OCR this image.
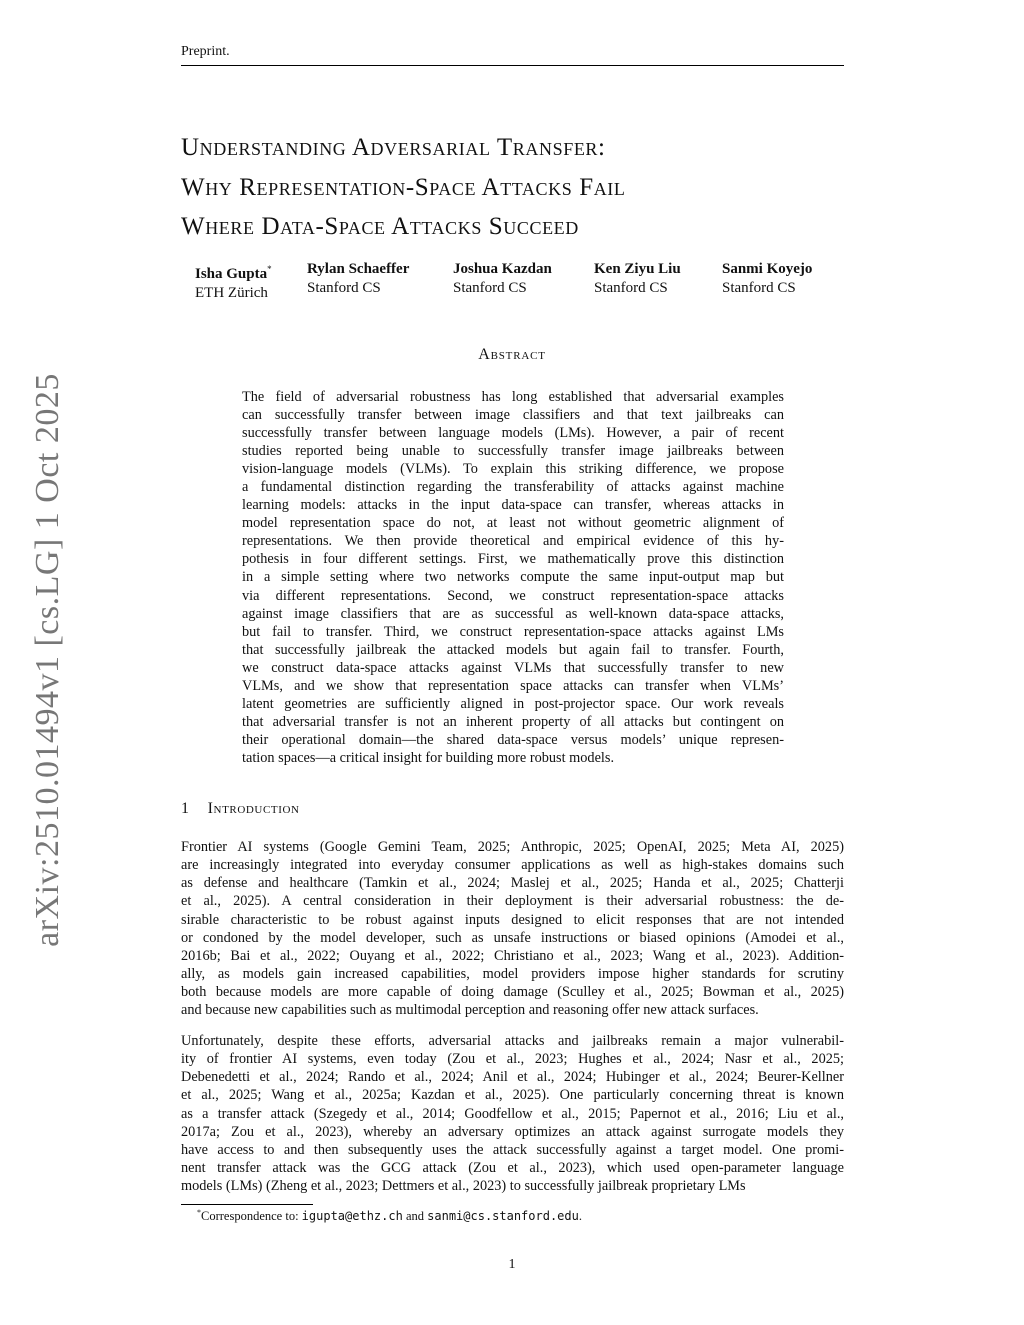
Preprint.
arXiv:2510.01494v1 [cs.LG] 1 Oct 2025
Understanding Adversarial Transfer:
Why Representation-Space Attacks Fail
Where Data-Space Attacks Succeed
Isha Gupta*
ETH Zürich
Rylan Schaeffer
Stanford CS
Joshua Kazdan
Stanford CS
Ken Ziyu Liu
Stanford CS
Sanmi Koyejo
Stanford CS
Abstract
The field of adversarial robustness has long established that adversarial examples
can successfully transfer between image classifiers and that text jailbreaks can
successfully transfer between language models (LMs). However, a pair of recent
studies reported being unable to successfully transfer image jailbreaks between
vision-language models (VLMs). To explain this striking difference, we propose
a fundamental distinction regarding the transferability of attacks against machine
learning models: attacks in the input data-space can transfer, whereas attacks in
model representation space do not, at least not without geometric alignment of
representations. We then provide theoretical and empirical evidence of this hy-
pothesis in four different settings. First, we mathematically prove this distinction
in a simple setting where two networks compute the same input-output map but
via different representations. Second, we construct representation-space attacks
against image classifiers that are as successful as well-known data-space attacks,
but fail to transfer. Third, we construct representation-space attacks against LMs
that successfully jailbreak the attacked models but again fail to transfer. Fourth,
we construct data-space attacks against VLMs that successfully transfer to new
VLMs, and we show that representation space attacks can transfer when VLMs’
latent geometries are sufficiently aligned in post-projector space. Our work reveals
that adversarial transfer is not an inherent property of all attacks but contingent on
their operational domain—the shared data-space versus models’ unique represen-
tation spaces—a critical insight for building more robust models.
1 Introduction
Frontier AI systems (Google Gemini Team, 2025; Anthropic, 2025; OpenAI, 2025; Meta AI, 2025)
are increasingly integrated into everyday consumer applications as well as high-stakes domains such
as defense and healthcare (Tamkin et al., 2024; Maslej et al., 2025; Handa et al., 2025; Chatterji
et al., 2025). A central consideration in their deployment is their adversarial robustness: the de-
sirable characteristic to be robust against inputs designed to elicit responses that are not intended
or condoned by the model developer, such as unsafe instructions or biased opinions (Amodei et al.,
2016b; Bai et al., 2022; Ouyang et al., 2022; Christiano et al., 2023; Wang et al., 2023). Addition-
ally, as models gain increased capabilities, model providers impose higher standards for scrutiny
both because models are more capable of doing damage (Sculley et al., 2025; Bowman et al., 2025)
and because new capabilities such as multimodal perception and reasoning offer new attack surfaces.
Unfortunately, despite these efforts, adversarial attacks and jailbreaks remain a major vulnerabil-
ity of frontier AI systems, even today (Zou et al., 2023; Hughes et al., 2024; Nasr et al., 2025;
Debenedetti et al., 2024; Rando et al., 2024; Anil et al., 2024; Hubinger et al., 2024; Beurer-Kellner
et al., 2025; Wang et al., 2025a; Kazdan et al., 2025). One particularly concerning threat is known
as a transfer attack (Szegedy et al., 2014; Goodfellow et al., 2015; Papernot et al., 2016; Liu et al.,
2017a; Zou et al., 2023), whereby an adversary optimizes an attack against surrogate models they
have access to and then subsequently uses the attack successfully against a target model. One promi-
nent transfer attack was the GCG attack (Zou et al., 2023), which used open-parameter language
models (LMs) (Zheng et al., 2023; Dettmers et al., 2023) to successfully jailbreak proprietary LMs
*Correspondence to: igupta@ethz.ch and sanmi@cs.stanford.edu.
1
